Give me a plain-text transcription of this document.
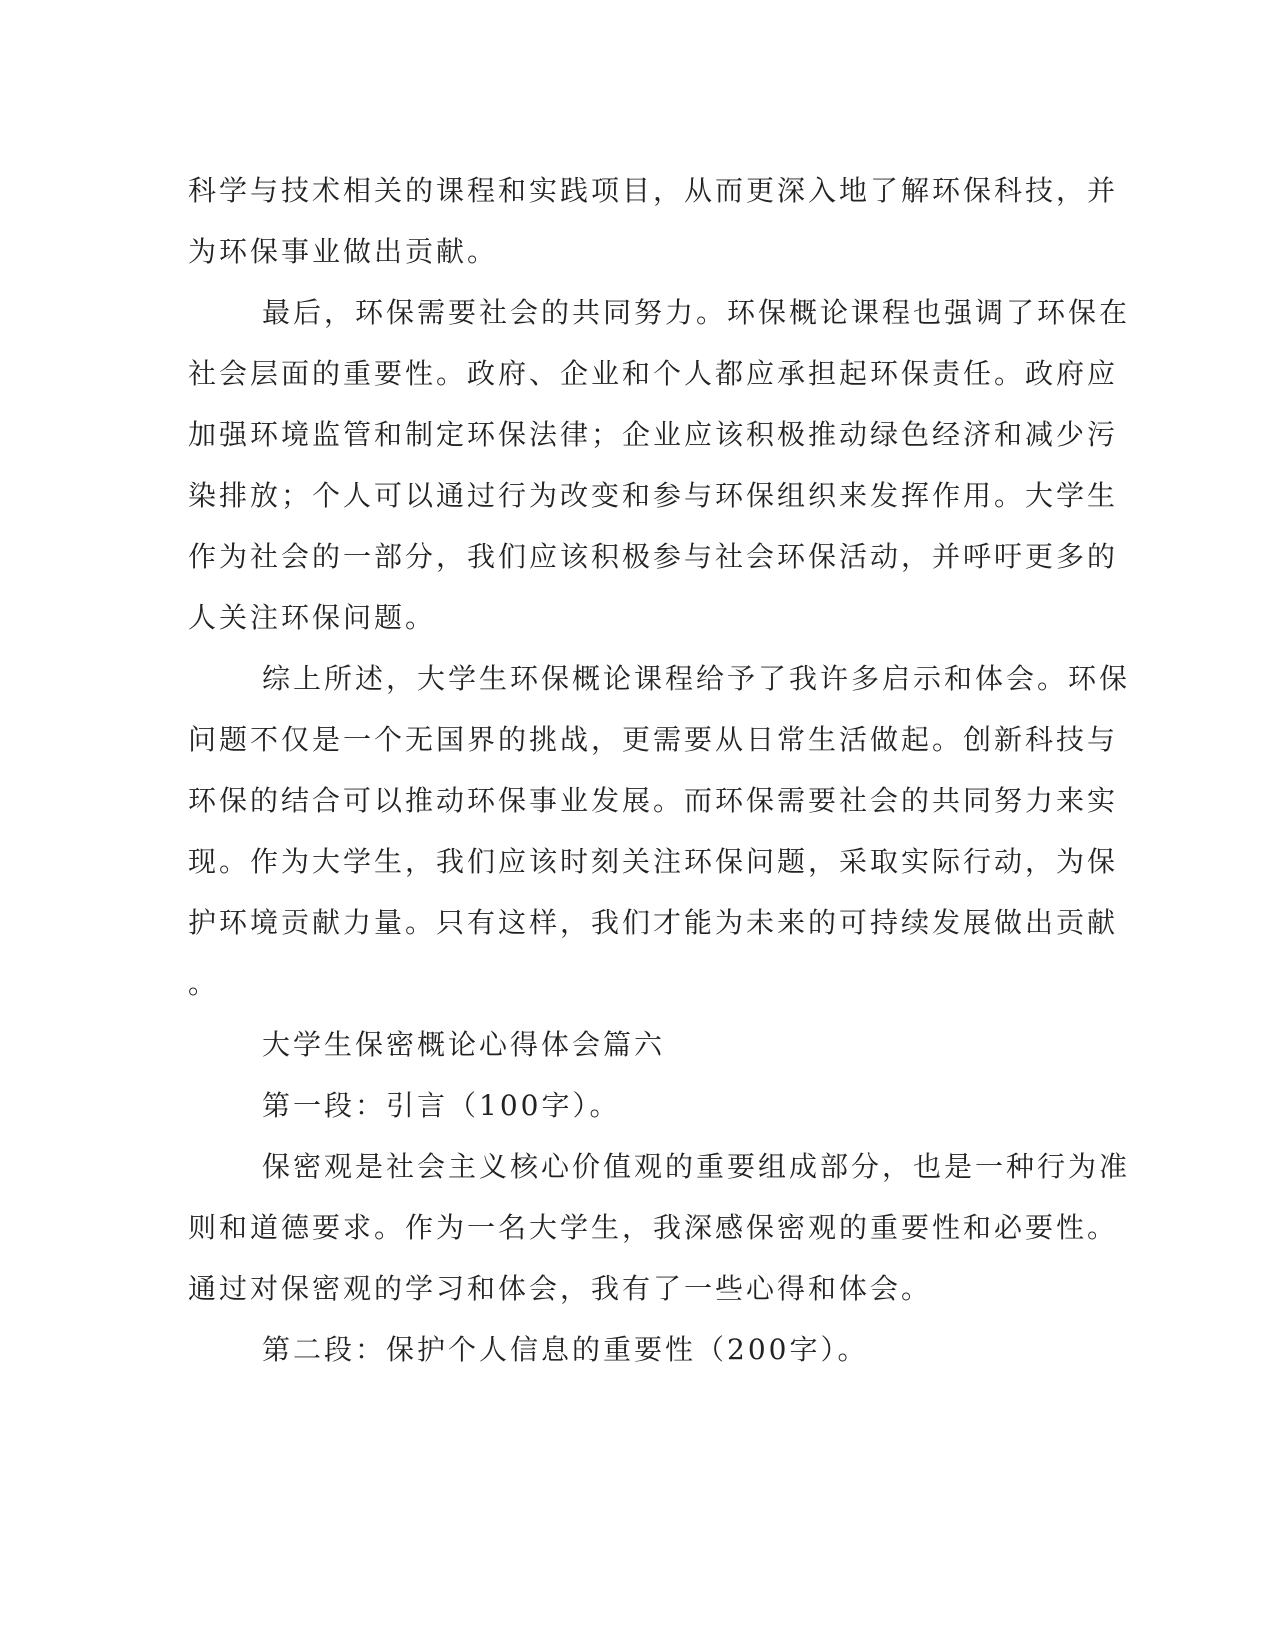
科学与技术相关的课程和实践项目，从而更深入地了解环保科技，并
为环保事业做出贡献。
最后，环保需要社会的共同努力。环保概论课程也强调了环保在
社会层面的重要性。政府、企业和个人都应承担起环保责任。政府应
加强环境监管和制定环保法律；企业应该积极推动绿色经济和减少污
染排放；个人可以通过行为改变和参与环保组织来发挥作用。大学生
作为社会的一部分，我们应该积极参与社会环保活动，并呼吁更多的
人关注环保问题。
综上所述，大学生环保概论课程给予了我许多启示和体会。环保
问题不仅是一个无国界的挑战，更需要从日常生活做起。创新科技与
环保的结合可以推动环保事业发展。而环保需要社会的共同努力来实
现。作为大学生，我们应该时刻关注环保问题，采取实际行动，为保
护环境贡献力量。只有这样，我们才能为未来的可持续发展做出贡献
。
大学生保密概论心得体会篇六
第一段：引言（100字）。
保密观是社会主义核心价值观的重要组成部分，也是一种行为准
则和道德要求。作为一名大学生，我深感保密观的重要性和必要性。
通过对保密观的学习和体会，我有了一些心得和体会。
第二段：保护个人信息的重要性（200字）。
